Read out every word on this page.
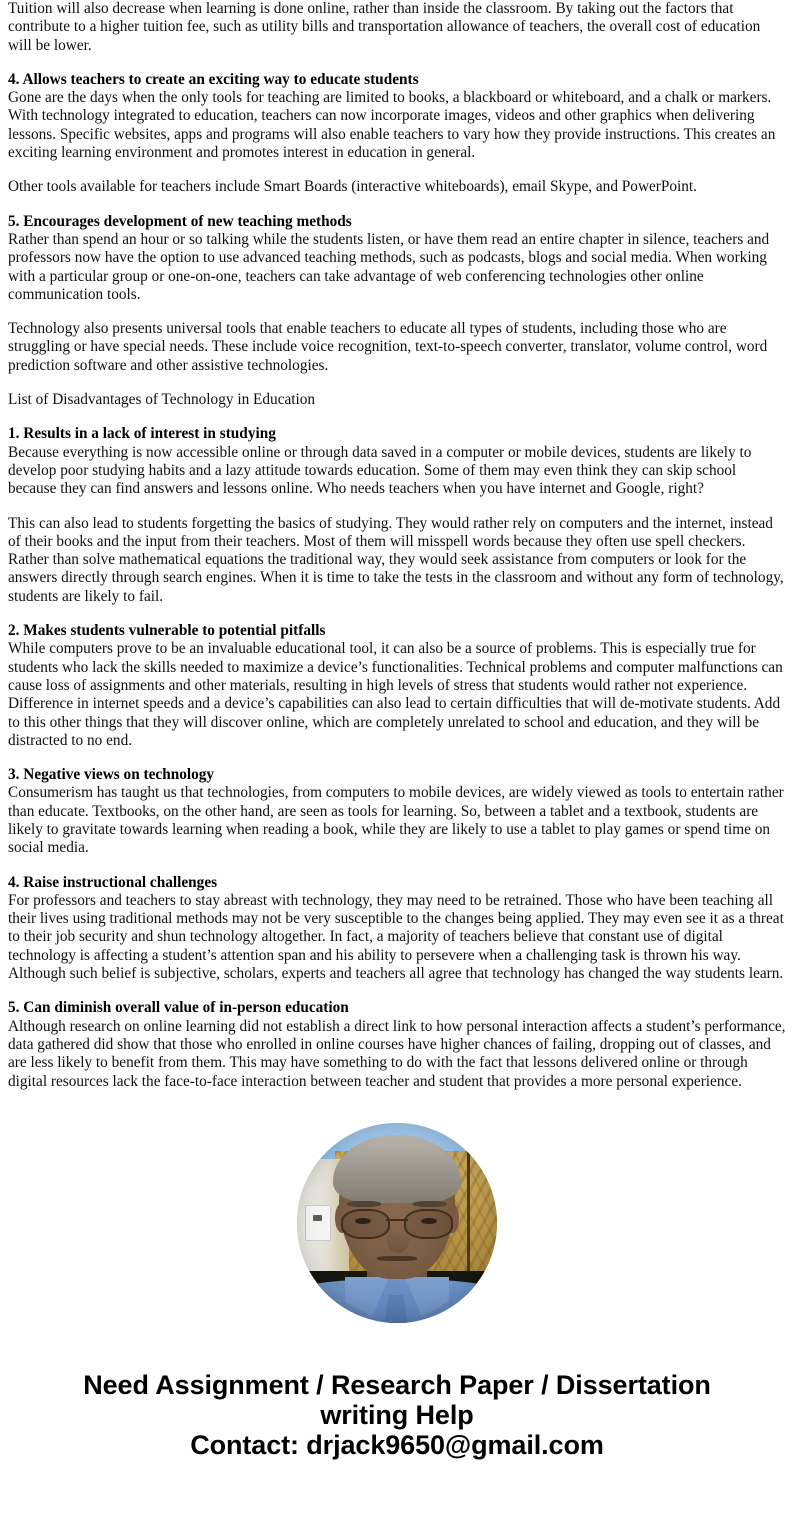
Tuition will also decrease when learning is done online, rather than inside the classroom. By taking out the factors that contribute to a higher tuition fee, such as utility bills and transportation allowance of teachers, the overall cost of education will be lower.

4. Allows teachers to create an exciting way to educate students

Gone are the days when the only tools for teaching are limited to books, a blackboard or whiteboard, and a chalk or markers. With technology integrated to education, teachers can now incorporate images, videos and other graphics when delivering lessons. Specific websites, apps and programs will also enable teachers to vary how they provide instructions. This creates an exciting learning environment and promotes interest in education in general.

Other tools available for teachers include Smart Boards (interactive whiteboards), email Skype, and PowerPoint.

5. Encourages development of new teaching methods

Rather than spend an hour or so talking while the students listen, or have them read an entire chapter in silence, teachers and professors now have the option to use advanced teaching methods, such as podcasts, blogs and social media. When working with a particular group or one-on-one, teachers can take advantage of web conferencing technologies other online communication tools.

Technology also presents universal tools that enable teachers to educate all types of students, including those who are struggling or have special needs. These include voice recognition, text-to-speech converter, translator, volume control, word prediction software and other assistive technologies.

List of Disadvantages of Technology in Education

1. Results in a lack of interest in studying

Because everything is now accessible online or through data saved in a computer or mobile devices, students are likely to develop poor studying habits and a lazy attitude towards education. Some of them may even think they can skip school because they can find answers and lessons online. Who needs teachers when you have internet and Google, right?

This can also lead to students forgetting the basics of studying. They would rather rely on computers and the internet, instead of their books and the input from their teachers. Most of them will misspell words because they often use spell checkers. Rather than solve mathematical equations the traditional way, they would seek assistance from computers or look for the answers directly through search engines. When it is time to take the tests in the classroom and without any form of technology, students are likely to fail.

2. Makes students vulnerable to potential pitfalls

While computers prove to be an invaluable educational tool, it can also be a source of problems. This is especially true for students who lack the skills needed to maximize a device’s functionalities. Technical problems and computer malfunctions can cause loss of assignments and other materials, resulting in high levels of stress that students would rather not experience. Difference in internet speeds and a device’s capabilities can also lead to certain difficulties that will de-motivate students. Add to this other things that they will discover online, which are completely unrelated to school and education, and they will be distracted to no end.

3. Negative views on technology

Consumerism has taught us that technologies, from computers to mobile devices, are widely viewed as tools to entertain rather than educate. Textbooks, on the other hand, are seen as tools for learning. So, between a tablet and a textbook, students are likely to gravitate towards learning when reading a book, while they are likely to use a tablet to play games or spend time on social media.

4. Raise instructional challenges

For professors and teachers to stay abreast with technology, they may need to be retrained. Those who have been teaching all their lives using traditional methods may not be very susceptible to the changes being applied. They may even see it as a threat to their job security and shun technology altogether. In fact, a majority of teachers believe that constant use of digital technology is affecting a student’s attention span and his ability to persevere when a challenging task is thrown his way. Although such belief is subjective, scholars, experts and teachers all agree that technology has changed the way students learn.

5. Can diminish overall value of in-person education

Although research on online learning did not establish a direct link to how personal interaction affects a student’s performance, data gathered did show that those who enrolled in online courses have higher chances of failing, dropping out of classes, and are less likely to benefit from them. This may have something to do with the fact that lessons delivered online or through digital resources lack the face-to-face interaction between teacher and student that provides a more personal experience.

Need Assignment / Research Paper / Dissertation
writing Help
Contact: drjack9650@gmail.com
